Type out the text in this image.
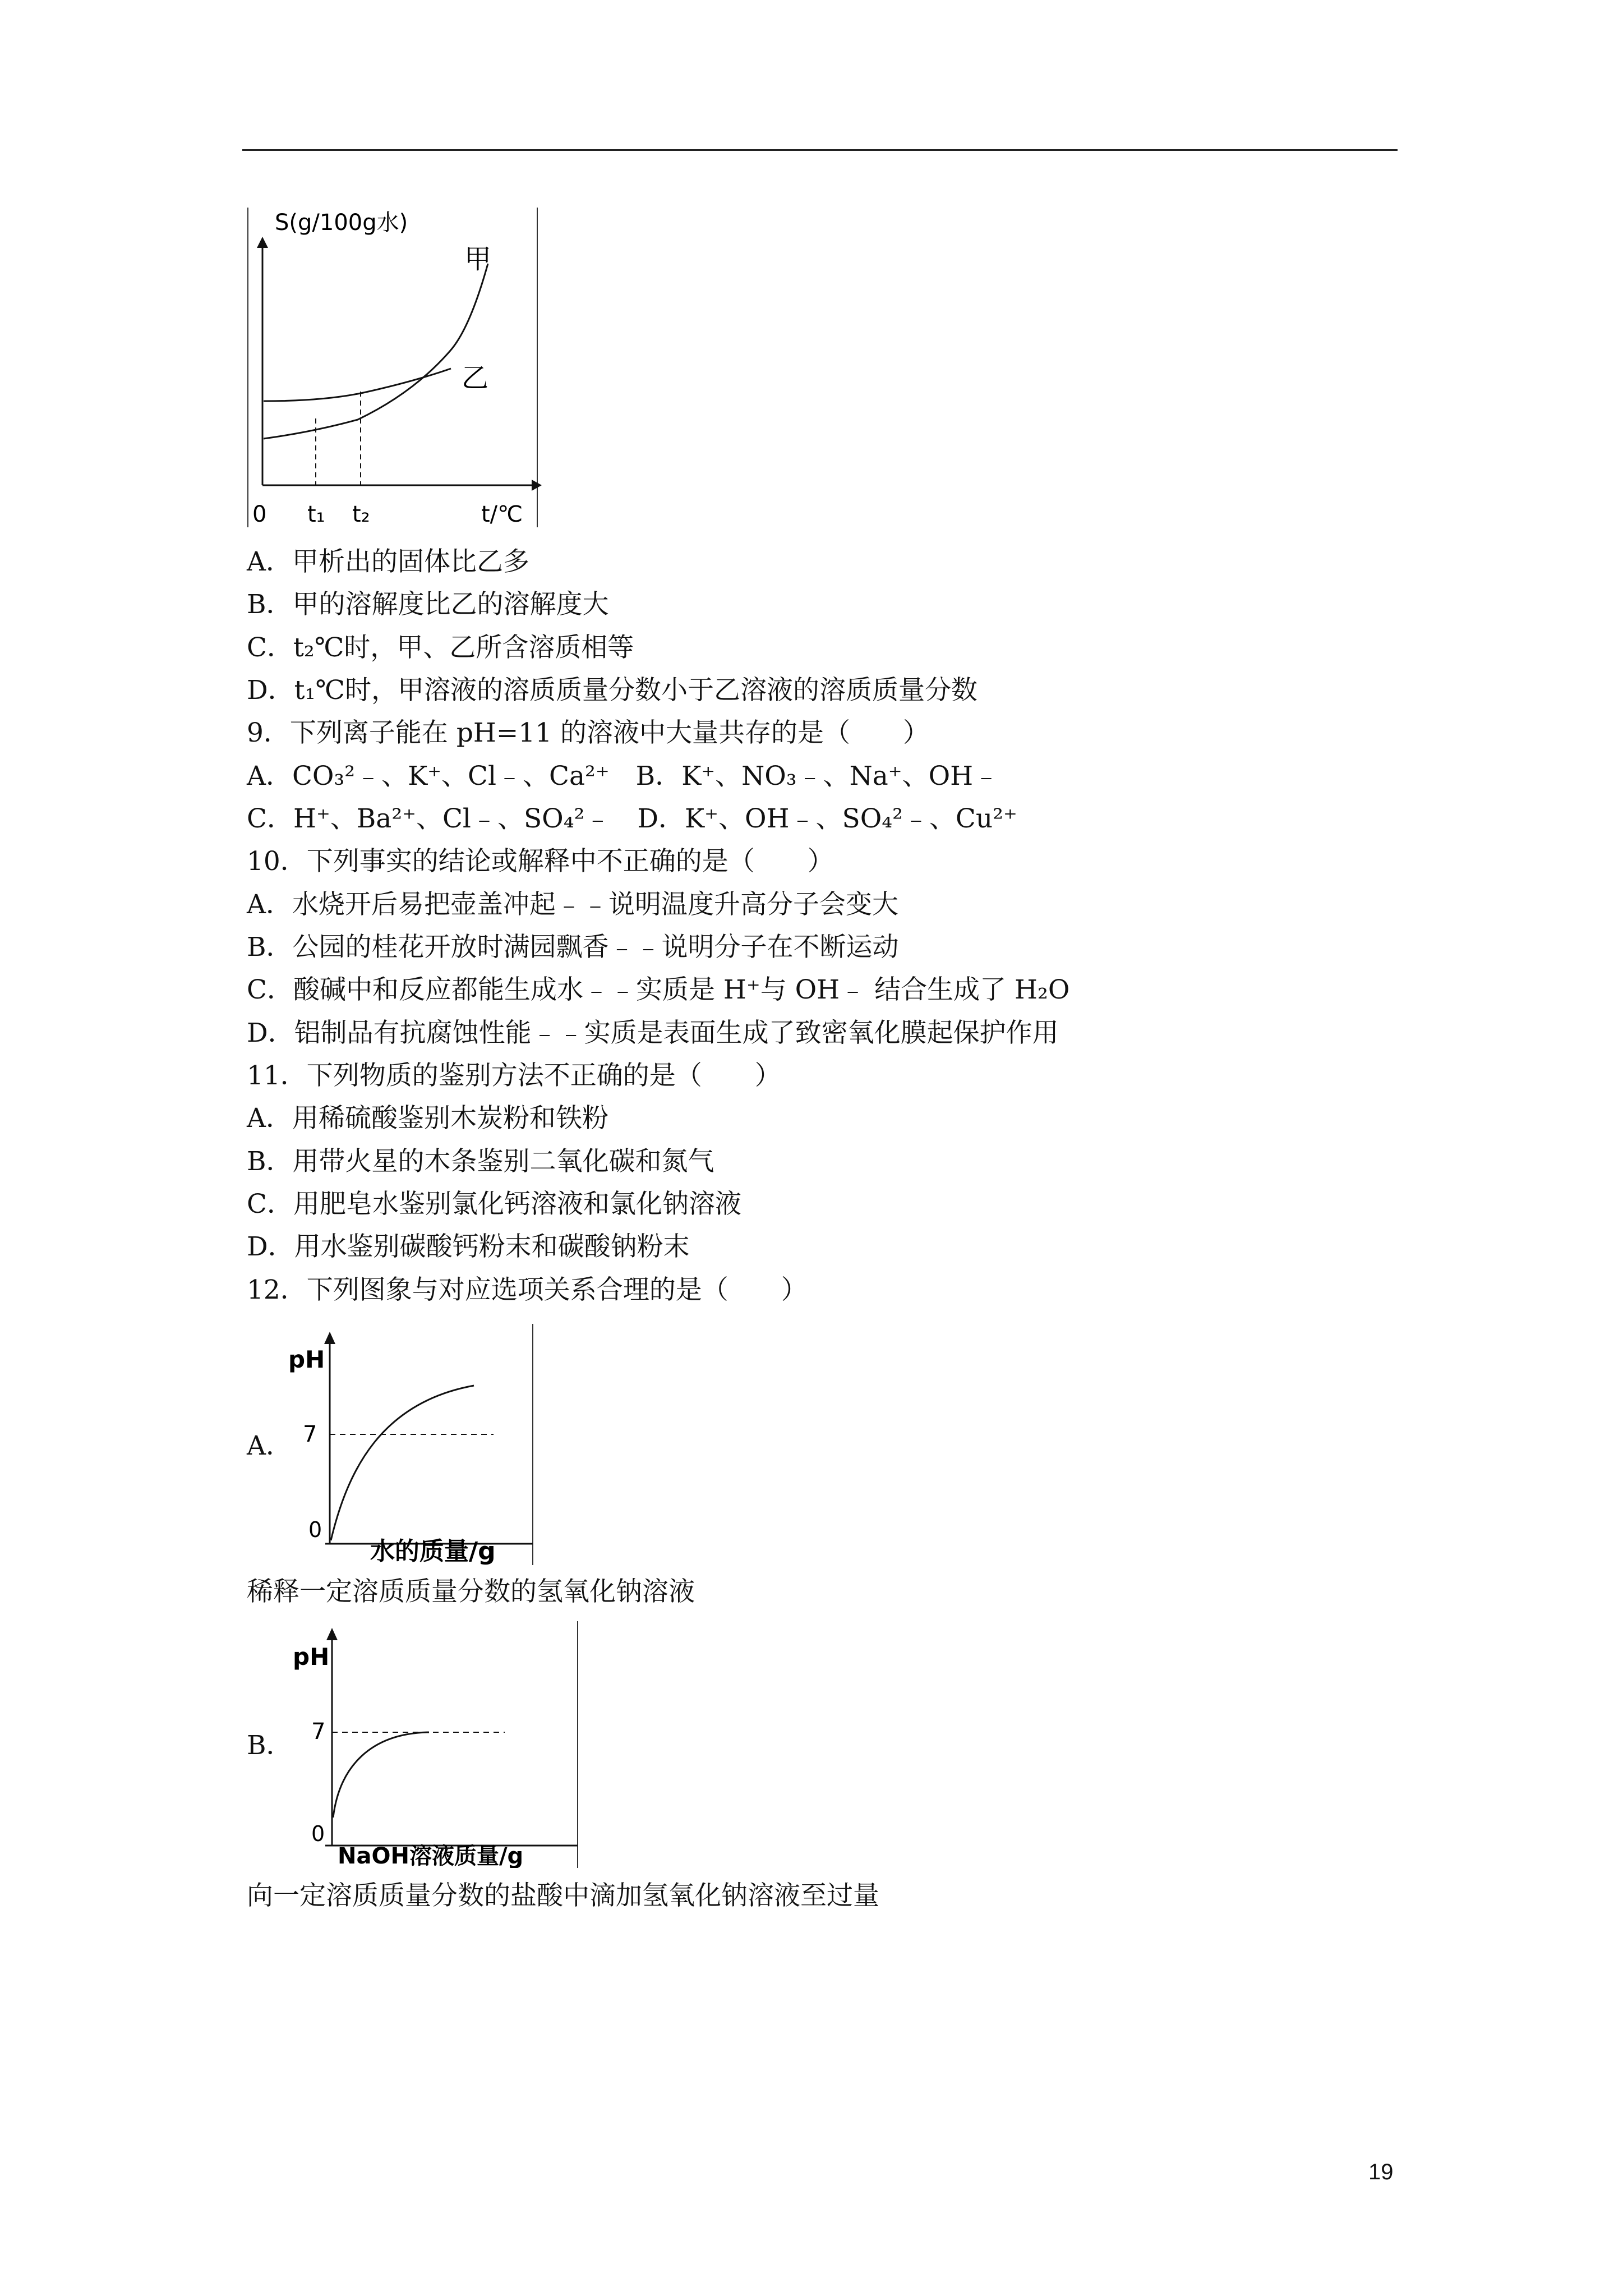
S(g/100g水)
甲
乙
0 t₁ t₂	t/℃
A．甲析出的固体比乙多
B．甲的溶解度比乙的溶解度大
C．t₂℃时，甲、乙所含溶质相等
D．t₁℃时，甲溶液的溶质质量分数小于乙溶液的溶质质量分数
9．下列离子能在 pH=11 的溶液中大量共存的是（　　）
A．CO₃²﹣、K⁺、Cl﹣、Ca²⁺　B．K⁺、NO₃﹣、Na⁺、OH﹣
C．H⁺、Ba²⁺、Cl﹣、SO₄²﹣　D．K⁺、OH﹣、SO₄²﹣、Cu²⁺
10．下列事实的结论或解释中不正确的是（　　）
A．水烧开后易把壶盖冲起﹣﹣说明温度升高分子会变大
B．公园的桂花开放时满园飘香﹣﹣说明分子在不断运动
C．酸碱中和反应都能生成水﹣﹣实质是 H⁺与 OH﹣ 结合生成了 H₂O
D．铝制品有抗腐蚀性能﹣﹣实质是表面生成了致密氧化膜起保护作用
11．下列物质的鉴别方法不正确的是（　　）
A．用稀硫酸鉴别木炭粉和铁粉
B．用带火星的木条鉴别二氧化碳和氮气
C．用肥皂水鉴别氯化钙溶液和氯化钠溶液
D．用水鉴别碳酸钙粉末和碳酸钠粉末
12．下列图象与对应选项关系合理的是（　　）
A．
pH
7
0
水的质量/g
稀释一定溶质质量分数的氢氧化钠溶液
B．
pH
7
0
NaOH溶液质量/g
向一定溶质质量分数的盐酸中滴加氢氧化钠溶液至过量
19
